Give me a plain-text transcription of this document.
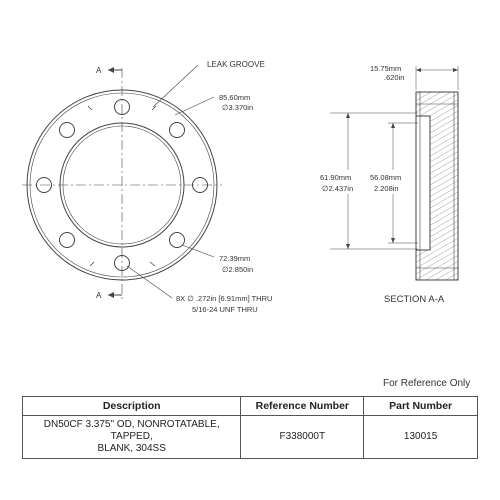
A
A
LEAK GROOVE
85.60mm
∅3.370in
72.39mm
∅2.850in
8X ∅ .272in [6.91mm] THRU
5/16-24 UNF THRU
15.75mm
.620in
61.90mm
∅2.437in
56.08mm
2.208in
SECTION A-A
For Reference Only
Description	Reference Number	Part Number
DN50CF 3.375" OD, NONROTATABLE, TAPPED,
BLANK, 304SS	F338000T	130015
